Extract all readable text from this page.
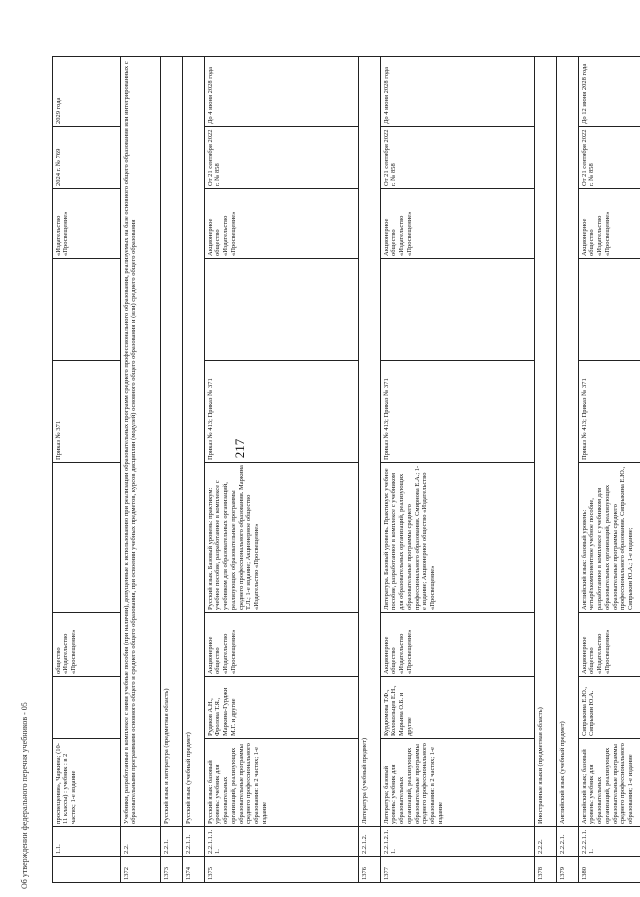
217
Об утверждении федерального перечня учебников - 05
		1.1.	просвещения», Чаркина; (10-11 классы) : учебник : в 2 частях; 1-е издание		общество «Издательство «Просвещение»		Приказ № 371		«Издательство «Просвещение»	2024 г. № 769	2029 года
1372	2.2.	Учебники, разработанные в комплексе с ними учебные пособия (при наличии), допущенные к использованию при реализации образовательных программ среднего профессионального образования, реализуемых на базе основного общего образования или интегрированных с образовательными программами основного общего и среднего общего образования, при освоении учебных предметов, курсов дисциплин (модулей) основного общего образования и (или) среднего общего образования								
1373	2.2.1.	Русский язык и литература (предметная область)								
1374	2.2.1.1.	Русский язык (учебный предмет)								
1375	2.2.1.1.1.1.	Русский язык: базовый уровень: учебник для образовательных организаций, реализующих образовательные программы среднего профессионального образования: в 2 частях; 1-е издание	Рудяков А.Н., Фролова Т.Я., Маркина-Гурджи М.Г. и другие	Акционерное общество «Издательство «Просвещение»	Русский язык. Базовый уровень: практикум: учебное пособие, разработанное в комплексе с учебником для образовательных организаций, реализующих образовательные программы среднего профессионального образования. Маркина Т.Л.; 1-е издание; Акционерное общество «Издательство «Просвещение»	Приказ № 413; Приказ № 371		Акционерное общество «Издательство «Просвещение»	От 21 сентября 2022 г. № 858	До 4 июня 2028 года
1376	2.2.1.2.	Литература (учебный предмет)								
1377	2.2.1.2.1.1.	Литература; базовый уровень: учебник для образовательных организаций, реализующих образовательные программы среднего профессионального образования: в 2 частях; 1-е издание	Курдюмова Т.Ф., Колокольцев Е.Н., Марьина О.Б. и другие	Акционерное общество «Издательство «Просвещение»	Литература. Базовый уровень. Практикум: учебное пособие, разработанное в комплексе с учебником для образовательных организаций, реализующих образовательные программы среднего профессионального образования. Смирнова Е.А.; 1-е издание; Акционерное общество «Издательство «Просвещение»	Приказ № 413; Приказ № 371		Акционерное общество «Издательство «Просвещение»	От 21 сентября 2022 г. № 858	До 4 июня 2028 года
1378	2.2.2.	Иностранные языки (предметная область)								
1379	2.2.2.1.	Английский язык (учебный предмет)								
1380	2.2.2.1.1.1.	Английский язык; базовый уровень: учебник для образовательных организаций, реализующих образовательные программы среднего профессионального образования; 1-е издание	Сипрыкина Е.Ю., Сипрыкин Ю.А.	Акционерное общество «Издательство «Просвещение»	Английский язык: базовый уровень: четырёхкомпонентное учебное пособие, разработанное в комплексе с учебником для образовательных организаций, реализующих образовательные программы среднего профессионального образования. Сипрыкина Е.Ю., Сипрыкин Ю.А.; 1-е издание;	Приказ № 413; Приказ № 371		Акционерное общество «Издательство «Просвещение»	От 21 сентября 2022 г. № 858	До 12 июня 2028 года
